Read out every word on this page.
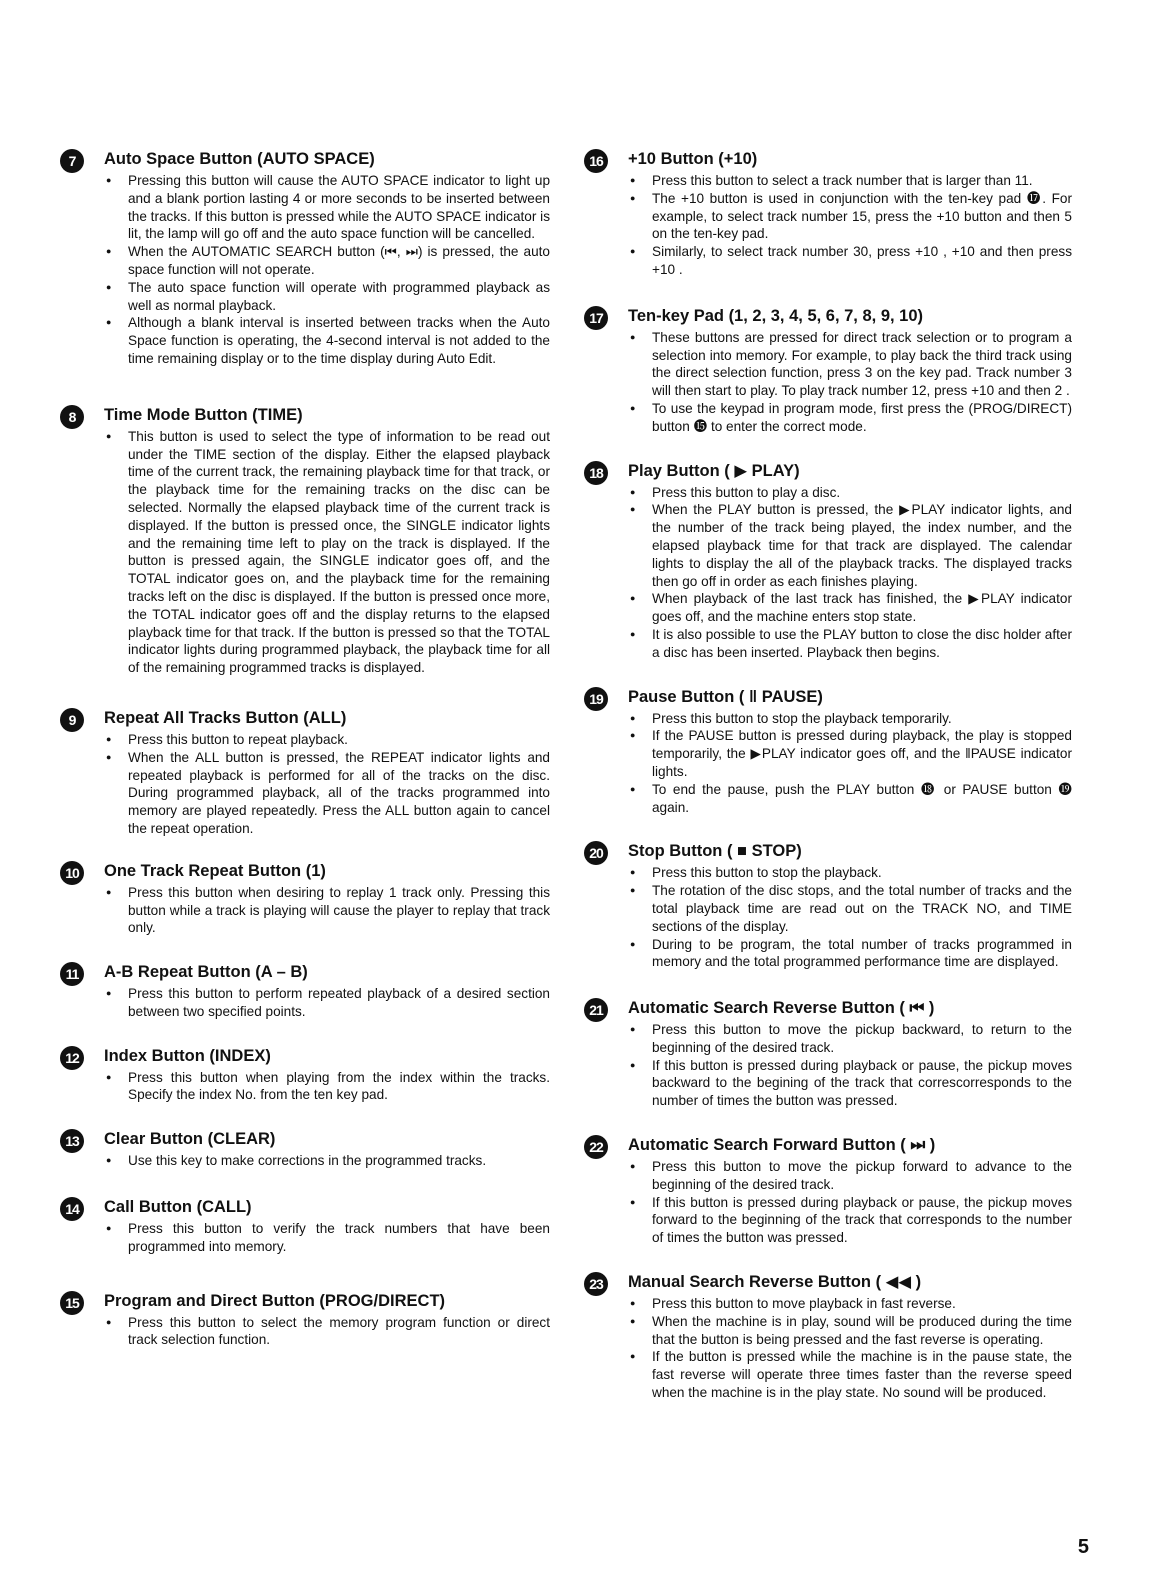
7	Auto Space Button (AUTO SPACE)
● Pressing this button will cause the AUTO SPACE indicator to light up and a blank portion lasting 4 or more seconds to be inserted between the tracks. If this button is pressed while the AUTO SPACE indicator is lit, the lamp will go off and the auto space function will be cancelled.
● When the AUTOMATIC SEARCH button (⏮, ⏭) is pressed, the auto space function will not operate.
● The auto space function will operate with programmed playback as well as normal playback.
● Although a blank interval is inserted between tracks when the Auto Space function is operating, the 4-second interval is not added to the time remaining display or to the time display during Auto Edit.
8	Time Mode Button (TIME)
● This button is used to select the type of information to be read out under the TIME section of the display. Either the elapsed playback time of the current track, the remaining playback time for that track, or the playback time for the remaining tracks on the disc can be selected. Normally the elapsed playback time of the current track is displayed. If the button is pressed once, the SINGLE indicator lights and the remaining time left to play on the track is displayed. If the button is pressed again, the SINGLE indicator goes off, and the TOTAL indicator goes on, and the playback time for the remaining tracks left on the disc is displayed. If the button is pressed once more, the TOTAL indicator goes off and the display returns to the elapsed playback time for that track. If the button is pressed so that the TOTAL indicator lights during programmed playback, the playback time for all of the remaining programmed tracks is displayed.
9	Repeat All Tracks Button (ALL)
● Press this button to repeat playback.
● When the ALL button is pressed, the REPEAT indicator lights and repeated playback is performed for all of the tracks on the disc. During programmed playback, all of the tracks programmed into memory are played repeatedly. Press the ALL button again to cancel the repeat operation.
10	One Track Repeat Button (1)
● Press this button when desiring to replay 1 track only. Pressing this button while a track is playing will cause the player to replay that track only.
11	A-B Repeat Button (A – B)
● Press this button to perform repeated playback of a desired section between two specified points.
12	Index Button (INDEX)
● Press this button when playing from the index within the tracks. Specify the index No. from the ten key pad.
13	Clear Button (CLEAR)
● Use this key to make corrections in the programmed tracks.
14	Call Button (CALL)
● Press this button to verify the track numbers that have been programmed into memory.
15	Program and Direct Button (PROG/DIRECT)
● Press this button to select the memory program function or direct track selection function.
16	+10 Button (+10)
● Press this button to select a track number that is larger than 11.
● The +10 button is used in conjunction with the ten-key pad ⓱. For example, to select track number 15, press the +10 button and then 5 on the ten-key pad.
● Similarly, to select track number 30, press +10 , +10 and then press +10 .
17	Ten-key Pad (1, 2, 3, 4, 5, 6, 7, 8, 9, 10)
● These buttons are pressed for direct track selection or to program a selection into memory. For example, to play back the third track using the direct selection function, press 3 on the key pad. Track number 3 will then start to play. To play track number 12, press +10 and then 2 .
● To use the keypad in program mode, first press the (PROG/DIRECT) button ⓯ to enter the correct mode.
18	Play Button ( ▶ PLAY)
● Press this button to play a disc.
● When the PLAY button is pressed, the ▶PLAY indicator lights, and the number of the track being played, the index number, and the elapsed playback time for that track are displayed. The calendar lights to display the all of the playback tracks. The displayed tracks then go off in order as each finishes playing.
● When playback of the last track has finished, the ▶PLAY indicator goes off, and the machine enters stop state.
● It is also possible to use the PLAY button to close the disc holder after a disc has been inserted. Playback then begins.
19	Pause Button ( ‖ PAUSE)
● Press this button to stop the playback temporarily.
● If the PAUSE button is pressed during playback, the play is stopped temporarily, the ▶PLAY indicator goes off, and the ‖PAUSE indicator lights.
● To end the pause, push the PLAY button ⓲ or PAUSE button ⓳ again.
20	Stop Button ( ■ STOP)
● Press this button to stop the playback.
● The rotation of the disc stops, and the total number of tracks and the total playback time are read out on the TRACK NO, and TIME sections of the display.
● During to be program, the total number of tracks programmed in memory and the total programmed performance time are displayed.
21	Automatic Search Reverse Button ( ⏮ )
● Press this button to move the pickup backward, to return to the beginning of the desired track.
● If this button is pressed during playback or pause, the pickup moves backward to the begining of the track that correscorresponds to the number of times the button was pressed.
22	Automatic Search Forward Button ( ⏭ )
● Press this button to move the pickup forward to advance to the beginning of the desired track.
● If this button is pressed during playback or pause, the pickup moves forward to the beginning of the track that corresponds to the number of times the button was pressed.
23	Manual Search Reverse Button ( ◀◀ )
● Press this button to move playback in fast reverse.
● When the machine is in play, sound will be produced during the time that the button is being pressed and the fast reverse is operating.
● If the button is pressed while the machine is in the pause state, the fast reverse will operate three times faster than the reverse speed when the machine is in the play state. No sound will be produced.
5
